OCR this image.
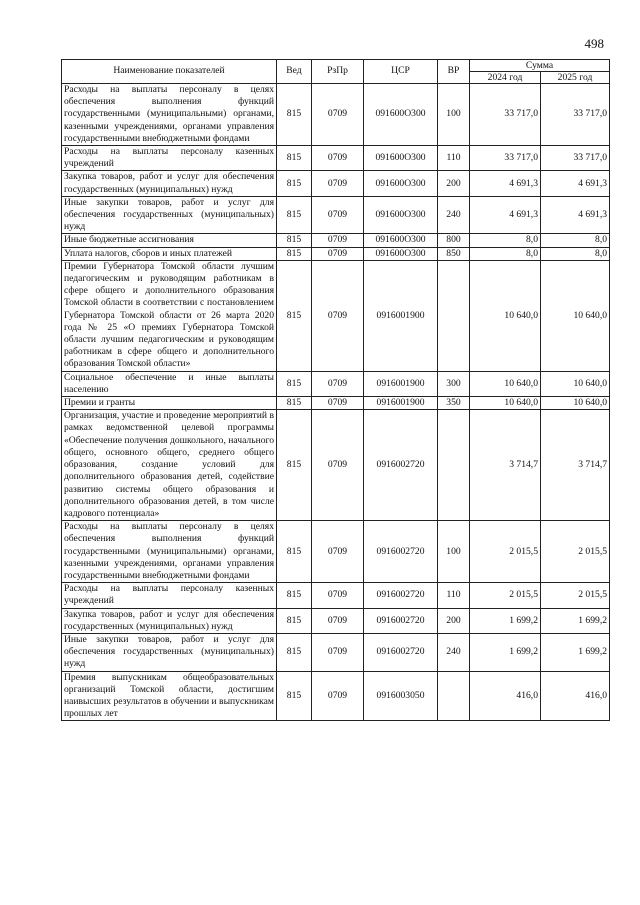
498
Наименование показателей	Вед	РзПр	ЦСР	ВР	Сумма	
					2024 год	2025 год
Расходы на выплаты персоналу в целях обеспечения выполнения функций государственными (муниципальными) органами, казенными учреждениями, органами управления государственными внебюджетными фондами	815	0709	091600О300	100	33 717,0	33 717,0
Расходы на выплаты персоналу казенных учреждений	815	0709	091600О300	110	33 717,0	33 717,0
Закупка товаров, работ и услуг для обеспечения государственных (муниципальных) нужд	815	0709	091600О300	200	4 691,3	4 691,3
Иные закупки товаров, работ и услуг для обеспечения государственных (муниципальных) нужд	815	0709	091600О300	240	4 691,3	4 691,3
Иные бюджетные ассигнования	815	0709	091600О300	800	8,0	8,0
Уплата налогов, сборов и иных платежей	815	0709	091600О300	850	8,0	8,0
Премии Губернатора Томской области лучшим педагогическим и руководящим работникам в сфере общего и дополнительного образования Томской области в соответствии с постановлением Губернатора Томской области от 26 марта 2020 года № 25 «О премиях Губернатора Томской области лучшим педагогическим и руководящим работникам в сфере общего и дополнительного образования Томской области»	815	0709	0916001900		10 640,0	10 640,0
Социальное обеспечение и иные выплаты населению	815	0709	0916001900	300	10 640,0	10 640,0
Премии и гранты	815	0709	0916001900	350	10 640,0	10 640,0
Организация, участие и проведение мероприятий в рамках ведомственной целевой программы «Обеспечение получения дошкольного, начального общего, основного общего, среднего общего образования, создание условий для дополнительного образования детей, содействие развитию системы общего образования и дополнительного образования детей, в том числе кадрового потенциала»	815	0709	0916002720		3 714,7	3 714,7
Расходы на выплаты персоналу в целях обеспечения выполнения функций государственными (муниципальными) органами, казенными учреждениями, органами управления государственными внебюджетными фондами	815	0709	0916002720	100	2 015,5	2 015,5
Расходы на выплаты персоналу казенных учреждений	815	0709	0916002720	110	2 015,5	2 015,5
Закупка товаров, работ и услуг для обеспечения государственных (муниципальных) нужд	815	0709	0916002720	200	1 699,2	1 699,2
Иные закупки товаров, работ и услуг для обеспечения государственных (муниципальных) нужд	815	0709	0916002720	240	1 699,2	1 699,2
Премия выпускникам общеобразовательных организаций Томской области, достигшим наивысших результатов в обучении и выпускникам прошлых лет	815	0709	0916003050		416,0	416,0
